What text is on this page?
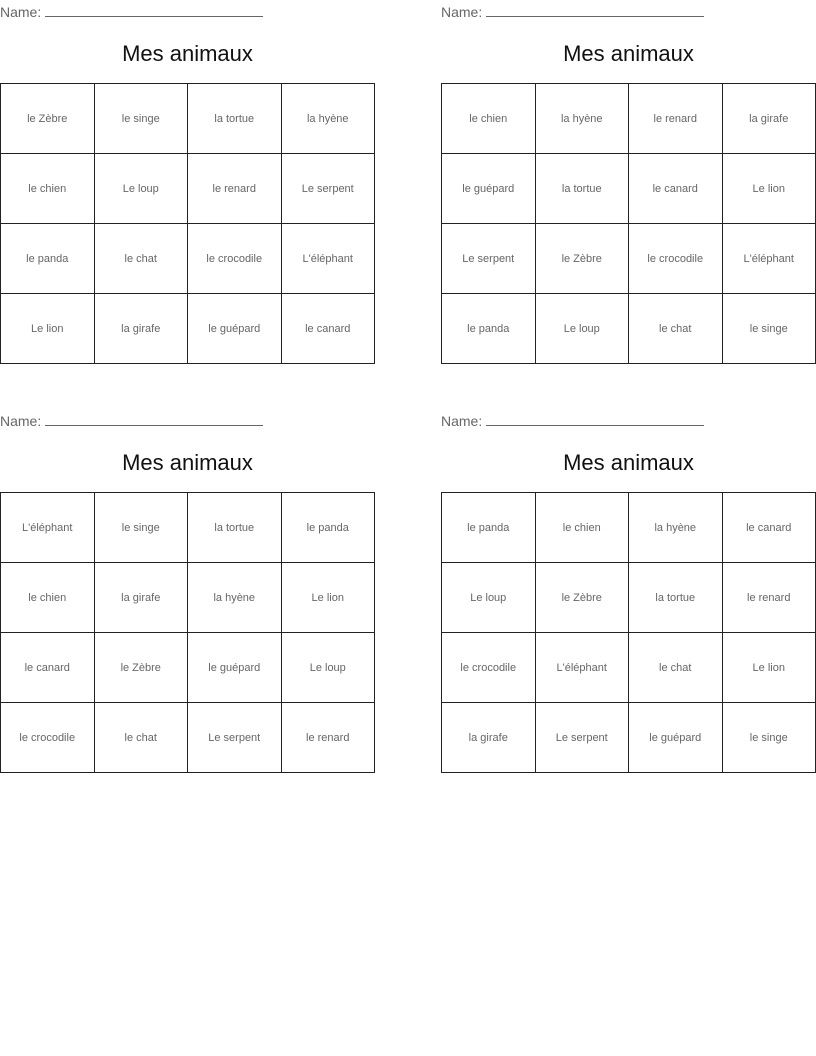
Name:
Mes animaux
le Zèbre	le singe	la tortue	la hyène
le chien	Le loup	le renard	Le serpent
le panda	le chat	le crocodile	L'éléphant
Le lion	la girafe	le guépard	le canard
Name:
Mes animaux
le chien	la hyène	le renard	la girafe
le guépard	la tortue	le canard	Le lion
Le serpent	le Zèbre	le crocodile	L'éléphant
le panda	Le loup	le chat	le singe
Name:
Mes animaux
L'éléphant	le singe	la tortue	le panda
le chien	la girafe	la hyène	Le lion
le canard	le Zèbre	le guépard	Le loup
le crocodile	le chat	Le serpent	le renard
Name:
Mes animaux
le panda	le chien	la hyène	le canard
Le loup	le Zèbre	la tortue	le renard
le crocodile	L'éléphant	le chat	Le lion
la girafe	Le serpent	le guépard	le singe
